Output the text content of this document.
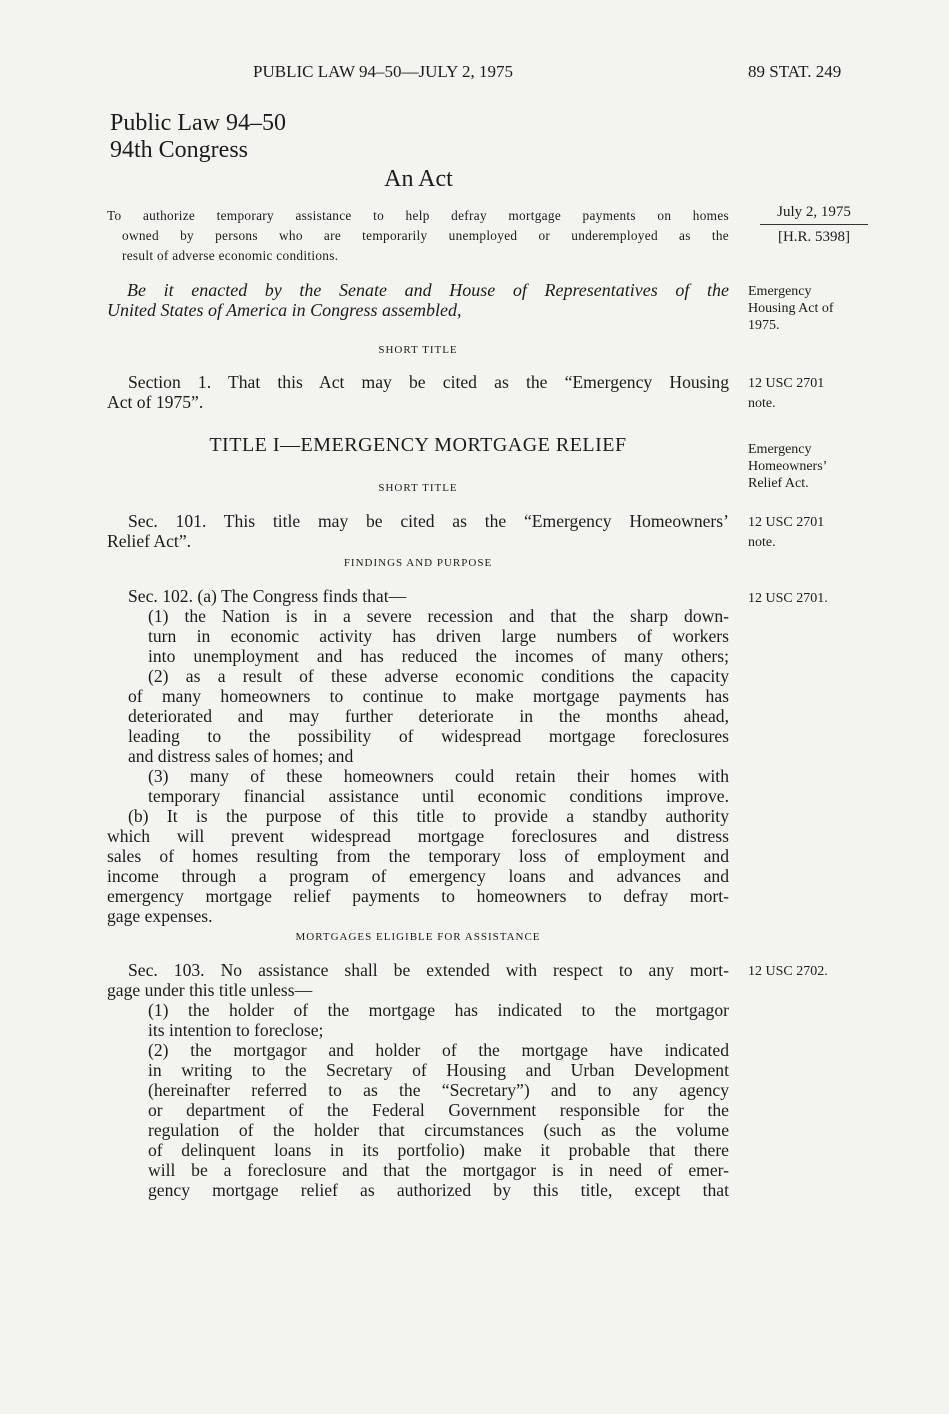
PUBLIC LAW 94–50—JULY 2, 1975	89 STAT. 249
Public Law 94–50
94th Congress
An Act
To authorize temporary assistance to help defray mortgage payments on homes
owned by persons who are temporarily unemployed or underemployed as the
result of adverse economic conditions.
July 2, 1975
[H.R. 5398]
Be it enacted by the Senate and House of Representatives of the
United States of America in Congress assembled,
Emergency
Housing Act of
1975.
SHORT TITLE
Section 1. That this Act may be cited as the “Emergency Housing
Act of 1975”.
12 USC 2701
note.
TITLE I—EMERGENCY MORTGAGE RELIEF	Emergency
Homeowners’
Relief Act.
SHORT TITLE
Sec. 101. This title may be cited as the “Emergency Homeowners’
Relief Act”.
12 USC 2701
note.
FINDINGS AND PURPOSE
Sec. 102. (a) The Congress finds that—
(1) the Nation is in a severe recession and that the sharp down-
turn in economic activity has driven large numbers of workers
into unemployment and has reduced the incomes of many others;
(2) as a result of these adverse economic conditions the capacity
of many homeowners to continue to make mortgage payments has
deteriorated and may further deteriorate in the months ahead,
leading to the possibility of widespread mortgage foreclosures
and distress sales of homes; and
(3) many of these homeowners could retain their homes with
temporary financial assistance until economic conditions improve.
(b) It is the purpose of this title to provide a standby authority
which will prevent widespread mortgage foreclosures and distress
sales of homes resulting from the temporary loss of employment and
income through a program of emergency loans and advances and
emergency mortgage relief payments to homeowners to defray mort-
gage expenses.
12 USC 2701.
MORTGAGES ELIGIBLE FOR ASSISTANCE
Sec. 103. No assistance shall be extended with respect to any mort-
gage under this title unless—
(1) the holder of the mortgage has indicated to the mortgagor
its intention to foreclose;
(2) the mortgagor and holder of the mortgage have indicated
in writing to the Secretary of Housing and Urban Development
(hereinafter referred to as the “Secretary”) and to any agency
or department of the Federal Government responsible for the
regulation of the holder that circumstances (such as the volume
of delinquent loans in its portfolio) make it probable that there
will be a foreclosure and that the mortgagor is in need of emer-
gency mortgage relief as authorized by this title, except that
12 USC 2702.
